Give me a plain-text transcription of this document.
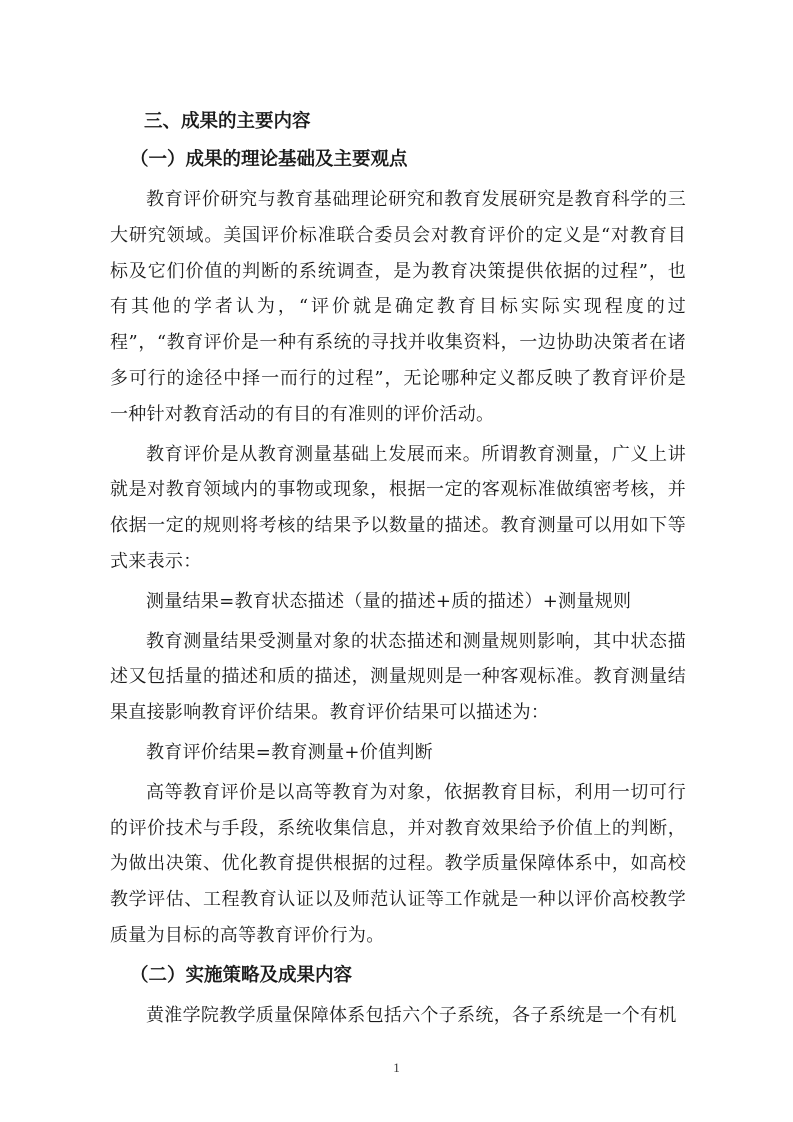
三、成果的主要内容
（一）成果的理论基础及主要观点

教育评价研究与教育基础理论研究和教育发展研究是教育科学的三大研究领域。美国评价标准联合委员会对教育评价的定义是“对教育目标及它们价值的判断的系统调查，是为教育决策提供依据的过程”，也有其他的学者认为，“评价就是确定教育目标实际实现程度的过程”，“教育评价是一种有系统的寻找并收集资料，一边协助决策者在诸多可行的途径中择一而行的过程”，无论哪种定义都反映了教育评价是一种针对教育活动的有目的有准则的评价活动。

教育评价是从教育测量基础上发展而来。所谓教育测量，广义上讲就是对教育领域内的事物或现象，根据一定的客观标准做缜密考核，并依据一定的规则将考核的结果予以数量的描述。教育测量可以用如下等式来表示：

测量结果=教育状态描述（量的描述+质的描述）+测量规则

教育测量结果受测量对象的状态描述和测量规则影响，其中状态描述又包括量的描述和质的描述，测量规则是一种客观标准。教育测量结果直接影响教育评价结果。教育评价结果可以描述为：

教育评价结果=教育测量+价值判断

高等教育评价是以高等教育为对象，依据教育目标，利用一切可行的评价技术与手段，系统收集信息，并对教育效果给予价值上的判断，为做出决策、优化教育提供根据的过程。教学质量保障体系中，如高校教学评估、工程教育认证以及师范认证等工作就是一种以评价高校教学质量为目标的高等教育评价行为。

（二）实施策略及成果内容

黄淮学院教学质量保障体系包括六个子系统，各子系统是一个有机

1
